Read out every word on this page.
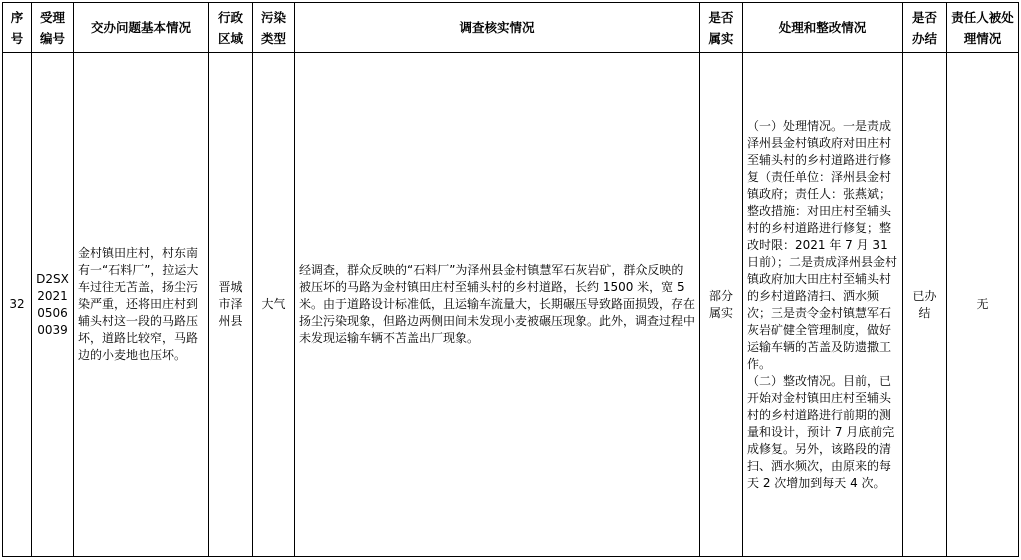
序号	受理编号	交办问题基本情况	行政区域	污染类型	调查核实情况	是否属实	处理和整改情况	是否办结	责任人被处理情况
32	D2SX20210506 0039	金村镇田庄村，村东南有一“石料厂”，拉运大车过往无苫盖，扬尘污染严重，还将田庄村到辅头村这一段的马路压坏，道路比较窄，马路边的小麦地也压坏。	晋城市泽州县	大气	经调查，群众反映的“石料厂”为泽州县金村镇慧军石灰岩矿，群众反映的被压坏的马路为金村镇田庄村至辅头村的乡村道路，长约 1500 米，宽 5 米。由于道路设计标准低，且运输车流量大，长期碾压导致路面损毁，存在扬尘污染现象，但路边两侧田间未发现小麦被碾压现象。此外，调查过程中未发现运输车辆不苫盖出厂现象。	部分属实	（一）处理情况。一是责成泽州县金村镇政府对田庄村至辅头村的乡村道路进行修复（责任单位：泽州县金村镇政府；责任人：张燕斌；整改措施：对田庄村至辅头村的乡村道路进行修复；整改时限：2021 年 7 月 31 日前）；二是责成泽州县金村镇政府加大田庄村至辅头村的乡村道路清扫、洒水频次；三是责令金村镇慧军石灰岩矿健全管理制度，做好运输车辆的苫盖及防遗撒工作。
（二）整改情况。目前，已开始对金村镇田庄村至辅头村的乡村道路进行前期的测量和设计，预计 7 月底前完成修复。另外，该路段的清扫、洒水频次，由原来的每天 2 次增加到每天 4 次。	已办结	无
